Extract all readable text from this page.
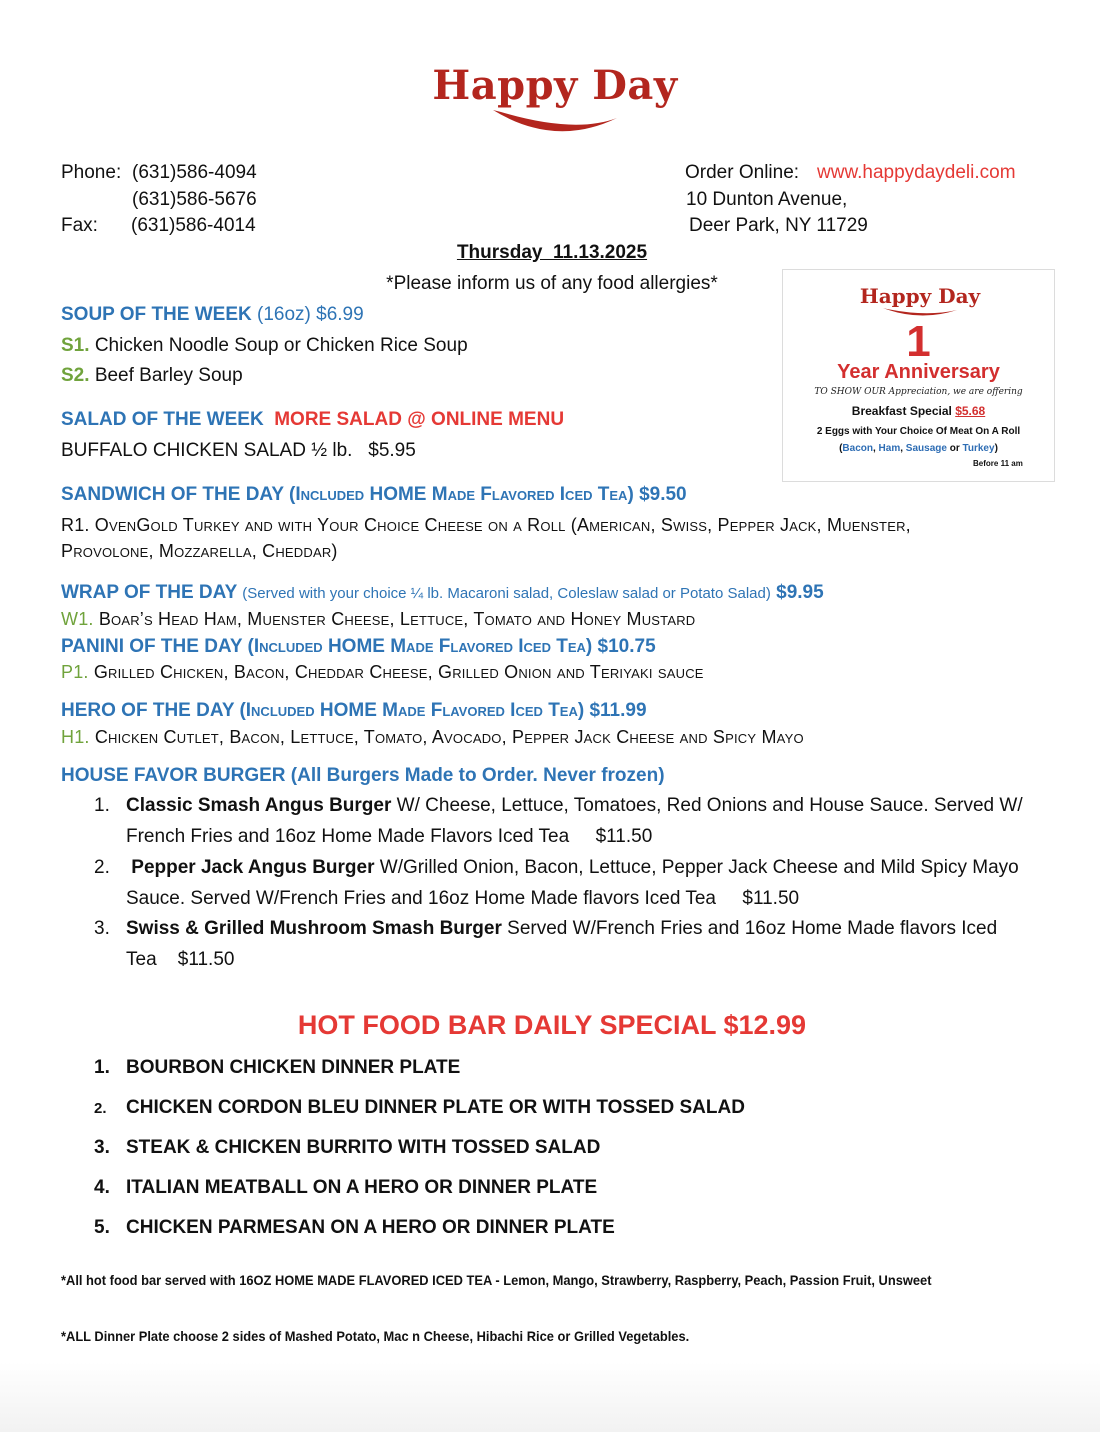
Happy Day
Phone: (631)586-4094
(631)586-5676
Fax: (631)586-4014
Order Online: www.happydaydeli.com
10 Dunton Avenue,
Deer Park, NY 11729
Thursday  11.13.2025
*Please inform us of any food allergies*
Happy Day
1
Year Anniversary
TO SHOW OUR Appreciation, we are offering
Breakfast Special $5.68
2 Eggs with Your Choice Of Meat On A Roll
(Bacon, Ham, Sausage or Turkey)
Before 11 am
SOUP OF THE WEEK (16oz) $6.99
S1. Chicken Noodle Soup or Chicken Rice Soup
S2. Beef Barley Soup
SALAD OF THE WEEK MORE SALAD @ ONLINE MENU
BUFFALO CHICKEN SALAD ½ lb.   $5.95
SANDWICH OF THE DAY (Included HOME Made Flavored Iced Tea) $9.50
R1. OvenGold Turkey and with Your Choice Cheese on a Roll (American, Swiss, Pepper Jack, Muenster,
Provolone, Mozzarella, Cheddar)
WRAP OF THE DAY (Served with your choice ¼ lb. Macaroni salad, Coleslaw salad or Potato Salad) $9.95
W1. Boar’s Head Ham, Muenster Cheese, Lettuce, Tomato and Honey Mustard
PANINI OF THE DAY (Included HOME Made Flavored Iced Tea) $10.75
P1. Grilled Chicken, Bacon, Cheddar Cheese, Grilled Onion and Teriyaki sauce
HERO OF THE DAY (Included HOME Made Flavored Iced Tea) $11.99
H1. Chicken Cutlet, Bacon, Lettuce, Tomato, Avocado, Pepper Jack Cheese and Spicy Mayo
HOUSE FAVOR BURGER (All Burgers Made to Order. Never frozen)
1. Classic Smash Angus Burger W/ Cheese, Lettuce, Tomatoes, Red Onions and House Sauce. Served W/ French Fries and 16oz Home Made Flavors Iced Tea     $11.50
2. Pepper Jack Angus Burger W/Grilled Onion, Bacon, Lettuce, Pepper Jack Cheese and Mild Spicy Mayo Sauce. Served W/French Fries and 16oz Home Made flavors Iced Tea     $11.50
3. Swiss & Grilled Mushroom Smash Burger Served W/French Fries and 16oz Home Made flavors Iced Tea    $11.50
HOT FOOD BAR DAILY SPECIAL $12.99
1. BOURBON CHICKEN DINNER PLATE
2. CHICKEN CORDON BLEU DINNER PLATE OR WITH TOSSED SALAD
3. STEAK & CHICKEN BURRITO WITH TOSSED SALAD
4. ITALIAN MEATBALL ON A HERO OR DINNER PLATE
5. CHICKEN PARMESAN ON A HERO OR DINNER PLATE
*All hot food bar served with 16OZ HOME MADE FLAVORED ICED TEA - Lemon, Mango, Strawberry, Raspberry, Peach, Passion Fruit, Unsweet
*ALL Dinner Plate choose 2 sides of Mashed Potato, Mac n Cheese, Hibachi Rice or Grilled Vegetables.
